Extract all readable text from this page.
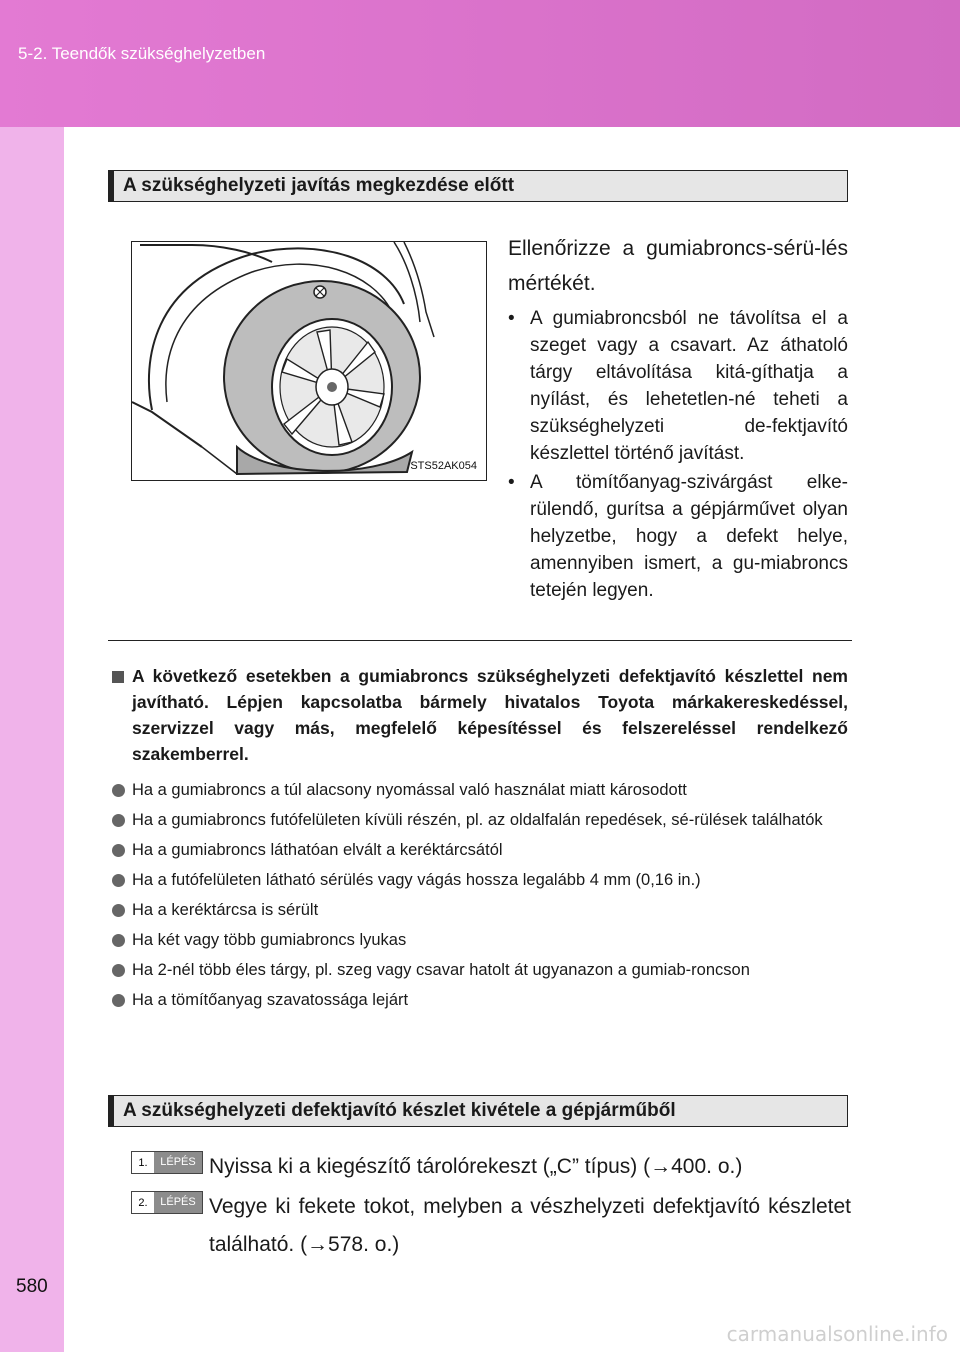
5-2. Teendők szükséghelyzetben
580
A szükséghelyzeti javítás megkezdése előtt
STS52AK054
Ellenőrizze a gumiabroncs-sérü-lés mértékét.
• A gumiabroncsból ne távolítsa el a szeget vagy a csavart. Az áthatoló tárgy eltávolítása kitá-gíthatja a nyílást, és lehetetlen-né teheti a szükséghelyzeti de-fektjavító készlettel történő javítást.
• A tömítőanyag-szivárgást elke-rülendő, gurítsa a gépjárművet olyan helyzetbe, hogy a defekt helye, amennyiben ismert, a gu-miabroncs tetején legyen.

A következő esetekben a gumiabroncs szükséghelyzeti defektjavító készlettel nem javítható. Lépjen kapcsolatba bármely hivatalos Toyota márkakereskedéssel, szervizzel vagy más, megfelelő képesítéssel és felszereléssel rendelkező szakemberrel.

Ha a gumiabroncs a túl alacsony nyomással való használat miatt károsodott
Ha a gumiabroncs futófelületen kívüli részén, pl. az oldalfalán repedések, sé-rülések találhatók
Ha a gumiabroncs láthatóan elvált a keréktárcsától
Ha a futófelületen látható sérülés vagy vágás hossza legalább 4 mm (0,16 in.)
Ha a keréktárcsa is sérült
Ha két vagy több gumiabroncs lyukas
Ha 2-nél több éles tárgy, pl. szeg vagy csavar hatolt át ugyanazon a gumiab-roncson
Ha a tömítőanyag szavatossága lejárt
A szükséghelyzeti defektjavító készlet kivétele a gépjárműből
1.	LÉPÉS Nyissa ki a kiegészítő tárolórekeszt („C” típus) (→400. o.)
2.	LÉPÉS Vegye ki fekete tokot, melyben a vészhelyzeti defektjavító készletet található. (→578. o.)
carmanualsonline.info
